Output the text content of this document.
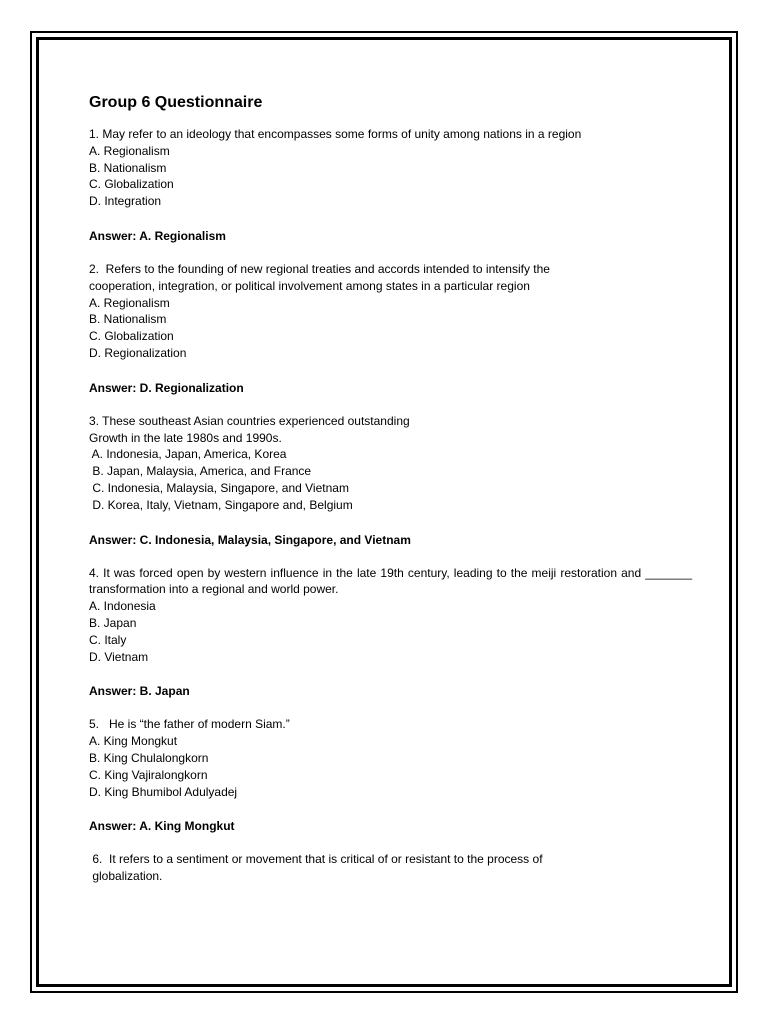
Group 6 Questionnaire
1. May refer to an ideology that encompasses some forms of unity among nations in a region
A. Regionalism
B. Nationalism
C. Globalization
D. Integration
Answer: A. Regionalism
2.  Refers to the founding of new regional treaties and accords intended to intensify the
cooperation, integration, or political involvement among states in a particular region
A. Regionalism
B. Nationalism
C. Globalization
D. Regionalization
Answer: D. Regionalization
3. These southeast Asian countries experienced outstanding
Growth in the late 1980s and 1990s.
A. Indonesia, Japan, America, Korea
B. Japan, Malaysia, America, and France
C. Indonesia, Malaysia, Singapore, and Vietnam
D. Korea, Italy, Vietnam, Singapore and, Belgium
Answer: C. Indonesia, Malaysia, Singapore, and Vietnam
4. It was forced open by western influence in the late 19th century, leading to the meiji restoration and _______ transformation into a regional and world power.
A. Indonesia
B. Japan
C. Italy
D. Vietnam
Answer: B. Japan
5.   He is “the father of modern Siam.”
A. King Mongkut
B. King Chulalongkorn
C. King Vajiralongkorn
D. King Bhumibol Adulyadej
Answer: A. King Mongkut
6.  It refers to a sentiment or movement that is critical of or resistant to the process of
globalization.
